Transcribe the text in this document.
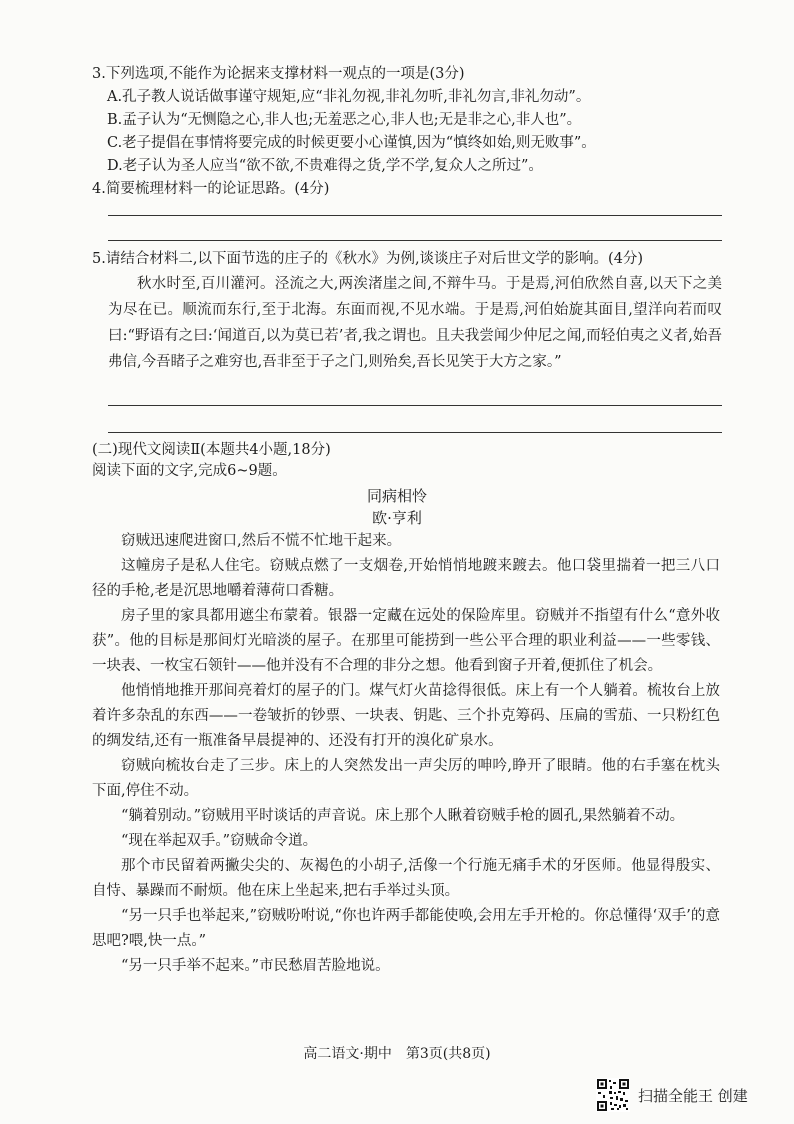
3.下列选项,不能作为论据来支撑材料一观点的一项是(3分)
A.孔子教人说话做事谨守规矩,应“非礼勿视,非礼勿听,非礼勿言,非礼勿动”。
B.孟子认为“无恻隐之心,非人也;无羞恶之心,非人也;无是非之心,非人也”。
C.老子提倡在事情将要完成的时候更要小心谨慎,因为“慎终如始,则无败事”。
D.老子认为圣人应当“欲不欲,不贵难得之货,学不学,复众人之所过”。
4.简要梳理材料一的论证思路。(4分)
5.请结合材料二,以下面节选的庄子的《秋水》为例,谈谈庄子对后世文学的影响。(4分)

秋水时至,百川灌河。泾流之大,两涘渚崖之间,不辩牛马。于是焉,河伯欣然自喜,以天下之美为尽在已。顺流而东行,至于北海。东面而视,不见水端。于是焉,河伯始旋其面目,望洋向若而叹曰:“野语有之曰:‘闻道百,以为莫已若’者,我之谓也。且夫我尝闻少仲尼之闻,而轻伯夷之义者,始吾弗信,今吾睹子之难穷也,吾非至于子之门,则殆矣,吾长见笑于大方之家。”

(二)现代文阅读Ⅱ(本题共4小题,18分)
阅读下面的文字,完成6~9题。
同病相怜
欧·亨利

窃贼迅速爬进窗口,然后不慌不忙地干起来。

这幢房子是私人住宅。窃贼点燃了一支烟卷,开始悄悄地踱来踱去。他口袋里揣着一把三八口径的手枪,老是沉思地嚼着薄荷口香糖。

房子里的家具都用遮尘布蒙着。银器一定藏在远处的保险库里。窃贼并不指望有什么“意外收获”。他的目标是那间灯光暗淡的屋子。在那里可能捞到一些公平合理的职业利益——一些零钱、一块表、一枚宝石领针——他并没有不合理的非分之想。他看到窗子开着,便抓住了机会。

他悄悄地推开那间亮着灯的屋子的门。煤气灯火苗捻得很低。床上有一个人躺着。梳妆台上放着许多杂乱的东西——一卷皱折的钞票、一块表、钥匙、三个扑克筹码、压扁的雪茄、一只粉红色的绸发结,还有一瓶准备早晨提神的、还没有打开的溴化矿泉水。

窃贼向梳妆台走了三步。床上的人突然发出一声尖厉的呻吟,睁开了眼睛。他的右手塞在枕头下面,停住不动。

“躺着别动。”窃贼用平时谈话的声音说。床上那个人瞅着窃贼手枪的圆孔,果然躺着不动。

“现在举起双手。”窃贼命令道。

那个市民留着两撇尖尖的、灰褐色的小胡子,活像一个行施无痛手术的牙医师。他显得殷实、自恃、暴躁而不耐烦。他在床上坐起来,把右手举过头顶。

“另一只手也举起来,”窃贼吩咐说,“你也许两手都能使唤,会用左手开枪的。你总懂得‘双手’的意思吧?喂,快一点。”

“另一只手举不起来。”市民愁眉苦脸地说。

高二语文·期中　第3页(共8页)
扫描全能王 创建
